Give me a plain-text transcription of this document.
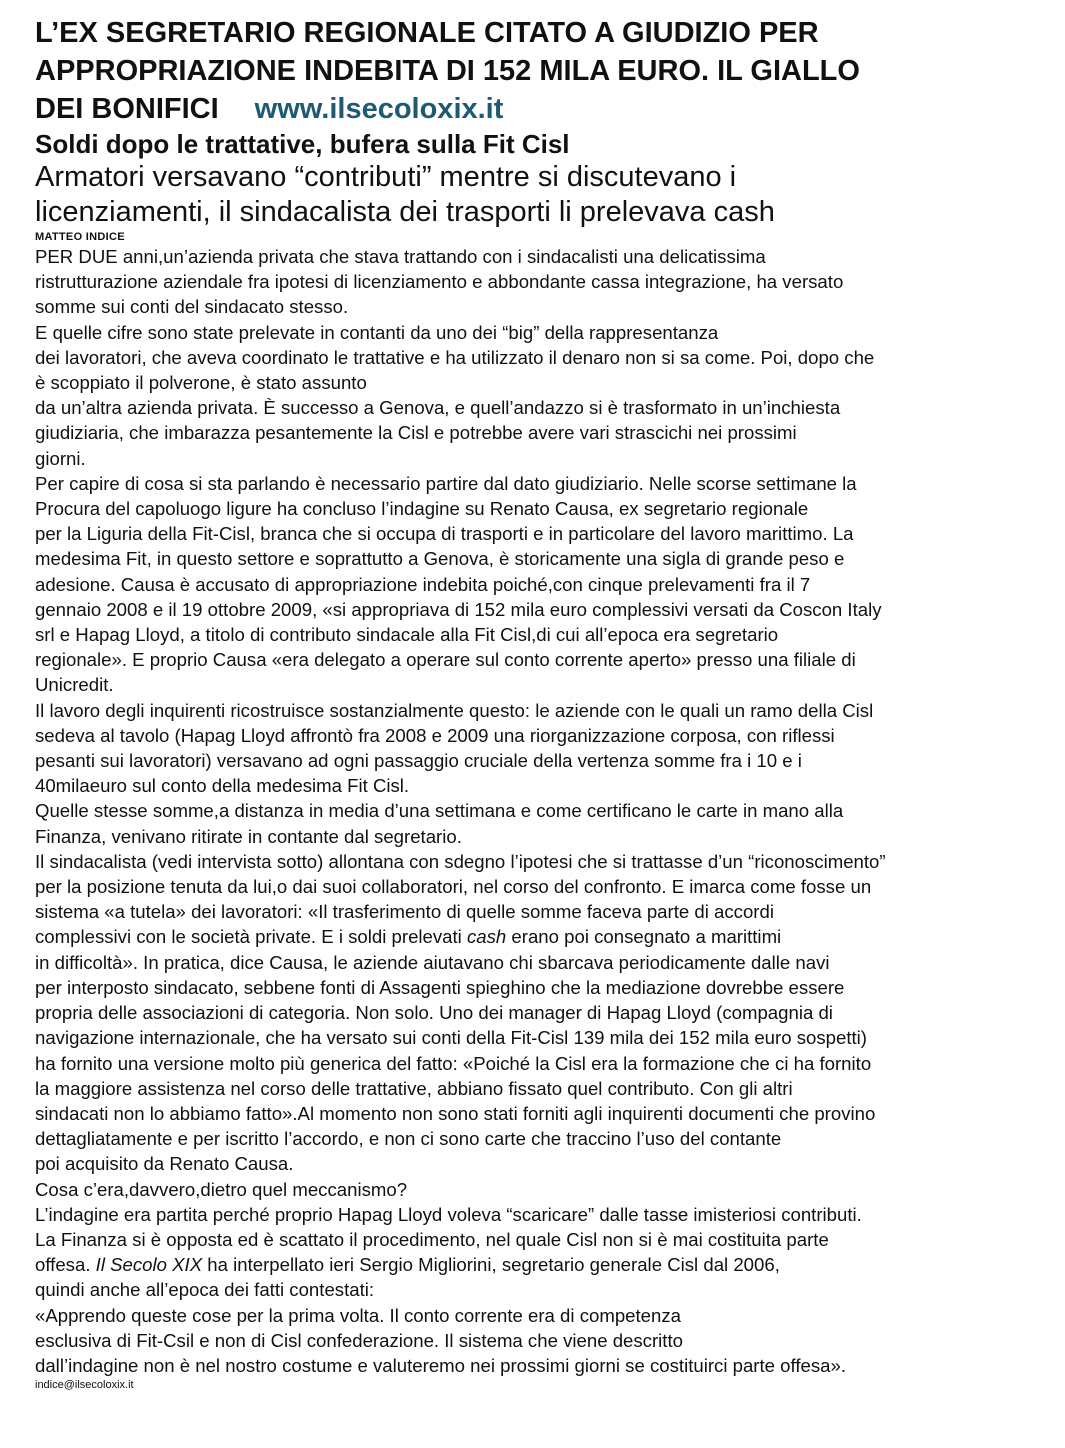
L’EX SEGRETARIO REGIONALE CITATO A GIUDIZIO PER
APPROPRIAZIONE INDEBITA DI 152 MILA EURO. IL GIALLO
DEI BONIFICI www.ilsecoloxix.it
Soldi dopo le trattative, bufera sulla Fit Cisl
Armatori versavano “contributi” mentre si discutevano i
licenziamenti, il sindacalista dei trasporti li prelevava cash
MATTEO INDICE
PER DUE anni,un’azienda privata che stava trattando con i sindacalisti una delicatissima
ristrutturazione aziendale fra ipotesi di licenziamento e abbondante cassa integrazione, ha versato
somme sui conti del sindacato stesso.
E quelle cifre sono state prelevate in contanti da uno dei “big” della rappresentanza
dei lavoratori, che aveva coordinato le trattative e ha utilizzato il denaro non si sa come. Poi, dopo che
è scoppiato il polverone, è stato assunto
da un’altra azienda privata. È successo a Genova, e quell’andazzo si è trasformato in un’inchiesta
giudiziaria, che imbarazza pesantemente la Cisl e potrebbe avere vari strascichi nei prossimi
giorni.
Per capire di cosa si sta parlando è necessario partire dal dato giudiziario. Nelle scorse settimane la
Procura del capoluogo ligure ha concluso l’indagine su Renato Causa, ex segretario regionale
per la Liguria della Fit-Cisl, branca che si occupa di trasporti e in particolare del lavoro marittimo. La
medesima Fit, in questo settore e soprattutto a Genova, è storicamente una sigla di grande peso e
adesione. Causa è accusato di appropriazione indebita poiché,con cinque prelevamenti fra il 7
gennaio 2008 e il 19 ottobre 2009, «si appropriava di 152 mila euro complessivi versati da Coscon Italy
srl e Hapag Lloyd, a titolo di contributo sindacale alla Fit Cisl,di cui all’epoca era segretario
regionale». E proprio Causa «era delegato a operare sul conto corrente aperto» presso una filiale di
Unicredit.
Il lavoro degli inquirenti ricostruisce sostanzialmente questo: le aziende con le quali un ramo della Cisl
sedeva al tavolo (Hapag Lloyd affrontò fra 2008 e 2009 una riorganizzazione corposa, con riflessi
pesanti sui lavoratori) versavano ad ogni passaggio cruciale della vertenza somme fra i 10 e i
40milaeuro sul conto della medesima Fit Cisl.
Quelle stesse somme,a distanza in media d’una settimana e come certificano le carte in mano alla
Finanza, venivano ritirate in contante dal segretario.
Il sindacalista (vedi intervista sotto) allontana con sdegno l’ipotesi che si trattasse d’un “riconoscimento”
per la posizione tenuta da lui,o dai suoi collaboratori, nel corso del confronto. E imarca come fosse un
sistema «a tutela» dei lavoratori: «Il trasferimento di quelle somme faceva parte di accordi
complessivi con le società private. E i soldi prelevati cash erano poi consegnato a marittimi
in difficoltà». In pratica, dice Causa, le aziende aiutavano chi sbarcava periodicamente dalle navi
per interposto sindacato, sebbene fonti di Assagenti spieghino che la mediazione dovrebbe essere
propria delle associazioni di categoria. Non solo. Uno dei manager di Hapag Lloyd (compagnia di
navigazione internazionale, che ha versato sui conti della Fit-Cisl 139 mila dei 152 mila euro sospetti)
ha fornito una versione molto più generica del fatto: «Poiché la Cisl era la formazione che ci ha fornito
la maggiore assistenza nel corso delle trattative, abbiano fissato quel contributo. Con gli altri
sindacati non lo abbiamo fatto».Al momento non sono stati forniti agli inquirenti documenti che provino
dettagliatamente e per iscritto l’accordo, e non ci sono carte che traccino l’uso del contante
poi acquisito da Renato Causa.
Cosa c’era,davvero,dietro quel meccanismo?
L’indagine era partita perché proprio Hapag Lloyd voleva “scaricare” dalle tasse imisteriosi contributi.
La Finanza si è opposta ed è scattato il procedimento, nel quale Cisl non si è mai costituita parte
offesa. Il Secolo XIX ha interpellato ieri Sergio Migliorini, segretario generale Cisl dal 2006,
quindi anche all’epoca dei fatti contestati:
«Apprendo queste cose per la prima volta. Il conto corrente era di competenza
esclusiva di Fit-Csil e non di Cisl confederazione. Il sistema che viene descritto
dall’indagine non è nel nostro costume e valuteremo nei prossimi giorni se costituirci parte offesa».
indice@ilsecoloxix.it
